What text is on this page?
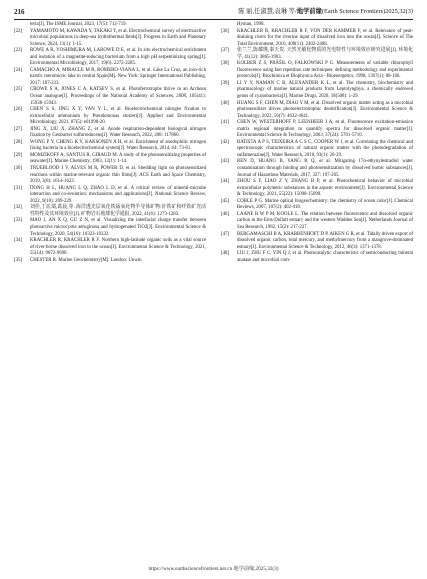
216	陈 丽,任淑慧,袁琳 等/地学前缘(Earth Science Frontiers)2025,32(3)
teria[J]. The ISME Journal, 2023, 17(5): 712-719.
[22] YAMAMOTO M, KAWADA Y, TAKAKI Y, et al. Electrochemical survey of electroactive microbial populations in deep-sea hydrothermal fields[J]. Progress in Earth and Planetary Science, 2024, 11(1): 1-15.
[23] ROWE A R, YOSHIMURA M, LAROWE D E, et al. In situ electrochemical enrichment and isolation of a magnetite-reducing bacterium from a high pH serpentinizing spring[J]. Environmental Microbiology, 2017, 19(6): 2272-2285.
[24] CAMACHO A, MIRACLE M R, ROMERO-VIANA L, et al. Lake La Cruz, an iron-rich karstic meromictic lake in central Spain[M]. New York: Springer International Publishing, 2017: 187-233.
[25] CROWE S A, JONES C A, KATSEV S, et al. Photoferrotrophs thrive in an Archean Ocean analogue[J]. Proceedings of the National Academy of Sciences, 2008, 105(41): 15938-15943.
[26] CHEN S S, JING X Y, YAN Y L, et al. Bioelectrochemical nitrogen fixation to extracellular ammonium by Pseudomonas stutzeri[J]. Applied and Environmental Microbiology, 2021, 87(5): e01998-20.
[27] JING X, LIU X, ZHANG Z, et al. Anode respiration-dependent biological nitrogen fixation by Geobacter sulfurreducens[J]. Water Research, 2022, 208: 117860.
[28] WONG P Y, CHENG K Y, KAKSONEN A H, et al. Enrichment of anodophilic nitrogen fixing bacteria in a bioelectrochemical system[J]. Water Research, 2014, 64: 73-81.
[29] MOMZIKOFF A, SANTUS R, GIRAUD M. A study of the photosensitizing properties of seawater[J]. Marine Chemistry, 1983, 12(1): 1-14.
[30] TRUEBLOOD J V, ALVES M R, POWER D, et al. Shedding light on photosensitized reactions within marine-relevant organic thin films[J]. ACS Earth and Space Chemistry, 2019, 3(8): 1614-1623.
[31] DONG H L, HUANG L Q, ZHAO L D, et al. A critical review of mineral-microbe interaction and co-evolution: mechanisms and applications[J]. National Science Review, 2022, 9(10): 209-229.
[32] 刘佳,丁竑瑞,葛晨,等. 海洋透光层氧化铁锰氧化物半导体矿物:针铁矿和纤铁矿光活性特性及其环境效应[J]. 矿物岩石地球化学通报, 2022, 41(6): 1273-1283.
[33] MAO J, AN X Q, GU Z N, et al. Visualizing the interfacial charge transfer between photoactive microcystis aeruginosa and hydrogenated TiO2[J]. Environmental Science & Technology, 2020, 54(16): 10323-10332.
[34] KRACHLER R, KRACHLER R F. Northern high-latitude organic soils as a vital source of river-borne dissolved iron to the ocean[J]. Environmental Science & Technology, 2021, 55(14): 9672-9690.
[35] CHESTER R. Marine Geochemistry[M]. London: Unwin
Hyman, 1990.
[36] KRACHLER R, KRACHLER R F, VON DER KAMMER F, et al. Relevance of peat-draining rivers for the riverine input of dissolved iron into the ocean[J]. Science of The Total Environment, 2010, 408(11): 2402-2408.
[37] 张兰兰,陈耀瑾,秦天贵. 天然光敏化物质的光电特性与环境效应研究进展[J]. 环境化学, 41(12): 3865-3903.
[38] KOLBER Z S, PRÁŠIL O, FALKOWSKI P G. Measurements of variable chlorophyll fluorescence using fast repetition rate techniques: defining methodology and experimental protocols[J]. Biochimica et Biophysica Acta - Bioenergetics, 1998, 1367(1): 88-106.
[39] LI Y Y, NAMAN C B, ALEXANDER K L, et al. The chemistry, biochemistry and pharmacology of marine natural products from Leptolyngbya, a chemically endowed genus of cyanobacteria[J]. Marine Drugs, 2020, 18(508): 1-29.
[40] HUANG S F, CHEN M, DIAO Y M, et al. Dissolved organic matter acting as a microbial photosensitizer drives photoelectrotrophic denitrification[J]. Environmental Science & Technology, 2022, 56(7): 4632-4641.
[41] CHEN W, WESTERHOFF P, LEENHEER J A, et al. Fluorescence excitation-emission matrix regional integration to quantify spectra for dissolved organic matter[J]. Environmental Science & Technology, 2003, 37(24): 5701-5710.
[42] BATISTA A P S, TEIXEIRA A C S C, COOPER W J, et al. Correlating the chemical and spectroscopic characteristics of natural organic matter with the photodegradation of sulfamerazine[J]. Water Research, 2016, 93(1): 20-29.
[43] REN D, HUANG B, YANG B Q, et al. Mitigating 17α-ethynylestradiol water contamination through binding and photosensitization by dissolved humic substances[J]. Journal of Hazardous Materials, 2017, 327: 197-205.
[44] ZHOU S F, LIAO Z Y, ZHANG B P, et al. Photochemical behavior of microbial extracellular polymeric substances in the aquatic environment[J]. Environmental Science & Technology, 2021, 55(22): 15090-15099.
[45] COBLE P G. Marine optical biogeochemistry: the chemistry of ocean color[J]. Chemical Reviews, 2007, 107(2): 402-418.
[46] LAANE R W P M, KOOLE L. The relation between fluorescence and dissolved organic carbon in the Ems-Dollart estuary and the western Wadden Sea[J]. Netherlands Journal of Sea Research, 1982, 15(2): 217-227.
[47] BERGAMASCHI B A, KRABBENHOFT D P, AIKEN G R, et al. Tidally driven export of dissolved organic carbon, total mercury, and methylmercury from a mangrove-dominated estuary[J]. Environmental Science & Technology, 2012, 46(3): 1371-1378.
[48] LIU J, ZHU F C, YIN Q J, et al. Photocatalytic characteristic of semiconducting mineral anatase and microbial com-
https://www.earthsciencefrontiers.net.cn 地学前缘,2025,32(3)
